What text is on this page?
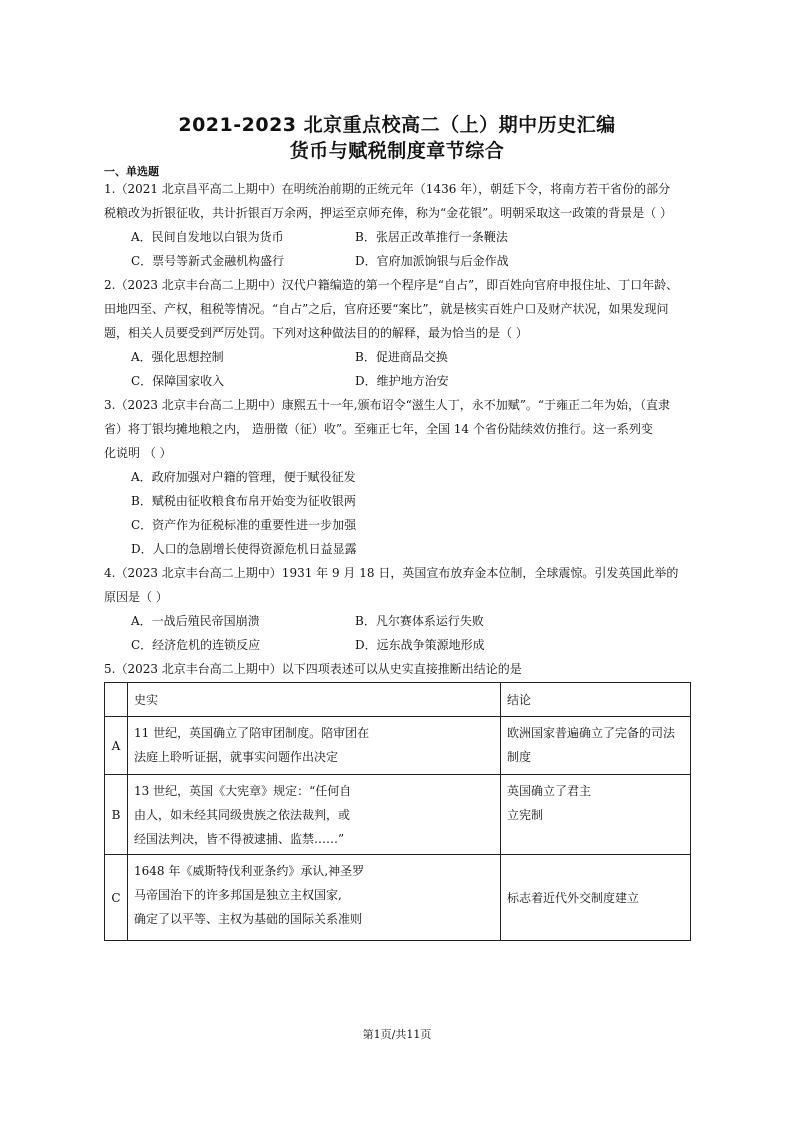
2021-2023 北京重点校高二（上）期中历史汇编
货币与赋税制度章节综合
一、单选题
1.（2021 北京昌平高二上期中）在明统治前期的正统元年（1436 年），朝廷下令，将南方若干省份的部分
税粮改为折银征收，共计折银百万余两，押运至京师充俸，称为“金花银”。明朝采取这一政策的背景是（ ）
A．民间自发地以白银为货币	B．张居正改革推行一条鞭法
C．票号等新式金融机构盛行	D．官府加派饷银与后金作战
2.（2023 北京丰台高二上期中）汉代户籍编造的第一个程序是“自占”，即百姓向官府申报住址、丁口年龄、
田地四至、产权，租税等情况。“自占”之后，官府还要“案比”，就是核实百姓户口及财产状况，如果发现问
题，相关人员要受到严厉处罚。下列对这种做法目的的解释，最为恰当的是（ ）
A．强化思想控制	B．促进商品交换
C．保障国家收入	D．维护地方治安
3.（2023 北京丰台高二上期中）康熙五十一年,颁布诏令“滋生人丁，永不加赋”。“于雍正二年为始，（直隶
省）将丁银均摊地粮之内， 造册徵（征）收”。至雍正七年，全国 14 个省份陆续效仿推行。这一系列变
化说明 （ ）
A．政府加强对户籍的管理，便于赋役征发
B．赋税由征收粮食布帛开始变为征收银两
C．资产作为征税标准的重要性进一步加强
D．人口的急剧增长使得资源危机日益显露
4.（2023 北京丰台高二上期中）1931 年 9 月 18 日，英国宣布放弃金本位制，全球震惊。引发英国此举的
原因是（ ）
A．一战后殖民帝国崩溃	B．凡尔赛体系运行失败
C．经济危机的连锁反应	D．远东战争策源地形成
5.（2023 北京丰台高二上期中）以下四项表述可以从史实直接推断出结论的是
	史实	结论
A	11 世纪，英国确立了陪审团制度。陪审团在
法庭上聆听证据，就事实问题作出决定	欧洲国家普遍确立了完备的司法
制度

B	13 世纪，英国《大宪章》规定：“任何自
由人，如未经其同级贵族之依法裁判，或
经国法判决，皆不得被逮捕、监禁……”	英国确立了君主
立宪制

C	1648 年《威斯特伐利亚条约》承认,神圣罗
马帝国治下的许多邦国是独立主权国家,
确定了以平等、主权为基础的国际关系准则	标志着近代外交制度建立
第1页/共11页
